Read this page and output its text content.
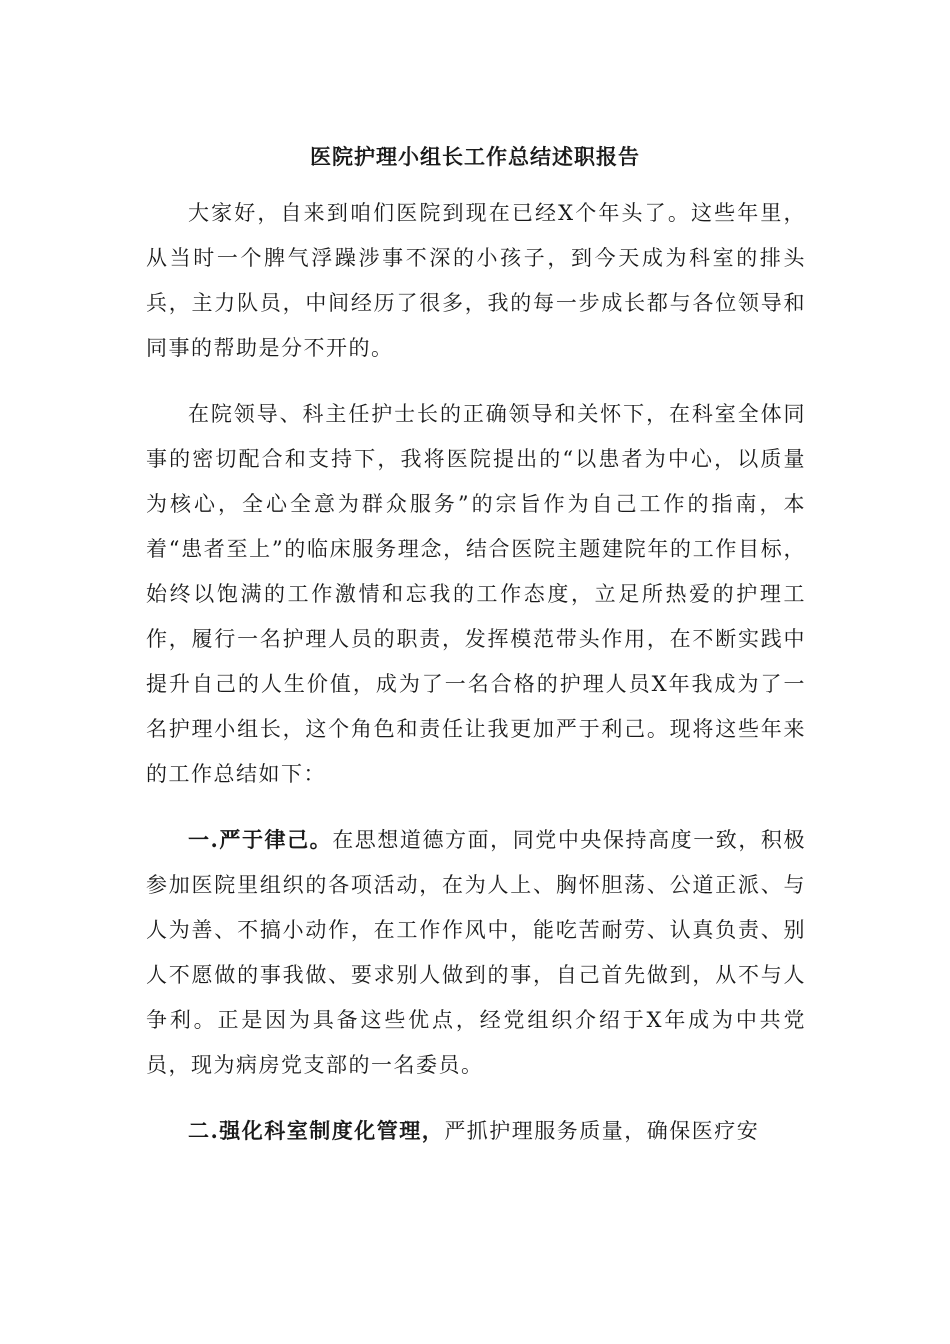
医院护理小组长工作总结述职报告

大家好，自来到咱们医院到现在已经X个年头了。这些年里，从当时一个脾气浮躁涉事不深的小孩子，到今天成为科室的排头兵，主力队员，中间经历了很多，我的每一步成长都与各位领导和同事的帮助是分不开的。

在院领导、科主任护士长的正确领导和关怀下，在科室全体同事的密切配合和支持下，我将医院提出的“以患者为中心，以质量为核心，全心全意为群众服务”的宗旨作为自己工作的指南，本着“患者至上”的临床服务理念，结合医院主题建院年的工作目标，始终以饱满的工作激情和忘我的工作态度，立足所热爱的护理工作，履行一名护理人员的职责，发挥模范带头作用，在不断实践中提升自己的人生价值，成为了一名合格的护理人员X年我成为了一名护理小组长，这个角色和责任让我更加严于利己。现将这些年来的工作总结如下：

一.严于律己。在思想道德方面，同党中央保持高度一致，积极参加医院里组织的各项活动，在为人上、胸怀胆荡、公道正派、与人为善、不搞小动作，在工作作风中，能吃苦耐劳、认真负责、别人不愿做的事我做、要求别人做到的事，自己首先做到，从不与人争利。正是因为具备这些优点，经党组织介绍于X年成为中共党员，现为病房党支部的一名委员。

二.强化科室制度化管理，严抓护理服务质量，确保医疗安
